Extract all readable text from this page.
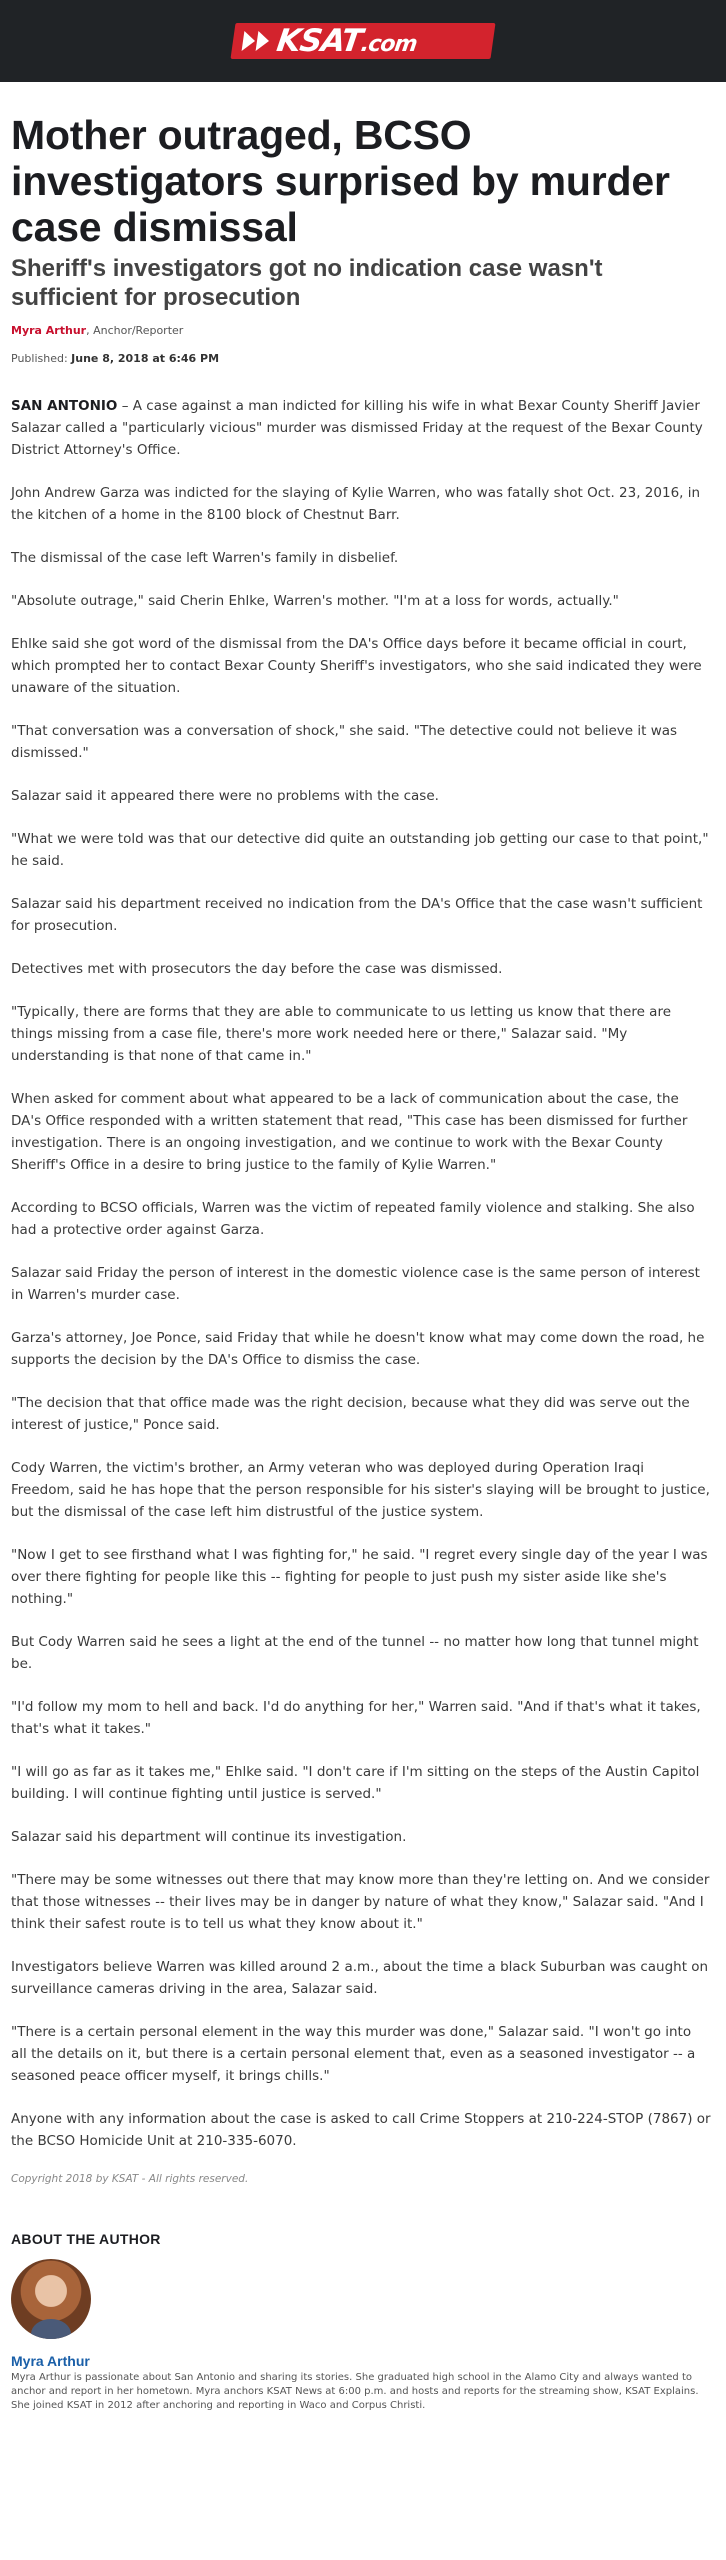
KSAT.com
Mother outraged, BCSO investigators surprised by murder case dismissal
Sheriff's investigators got no indication case wasn't sufficient for prosecution
Myra Arthur, Anchor/Reporter
Published: June 8, 2018 at 6:46 PM

SAN ANTONIO – A case against a man indicted for killing his wife in what Bexar County Sheriff Javier Salazar called a "particularly vicious" murder was dismissed Friday at the request of the Bexar County District Attorney's Office.

John Andrew Garza was indicted for the slaying of Kylie Warren, who was fatally shot Oct. 23, 2016, in the kitchen of a home in the 8100 block of Chestnut Barr.

The dismissal of the case left Warren's family in disbelief.

"Absolute outrage," said Cherin Ehlke, Warren's mother. "I'm at a loss for words, actually."

Ehlke said she got word of the dismissal from the DA's Office days before it became official in court, which prompted her to contact Bexar County Sheriff's investigators, who she said indicated they were unaware of the situation.

"That conversation was a conversation of shock," she said. "The detective could not believe it was dismissed."

Salazar said it appeared there were no problems with the case.

"What we were told was that our detective did quite an outstanding job getting our case to that point," he said.

Salazar said his department received no indication from the DA's Office that the case wasn't sufficient for prosecution.

Detectives met with prosecutors the day before the case was dismissed.

"Typically, there are forms that they are able to communicate to us letting us know that there are things missing from a case file, there's more work needed here or there," Salazar said. "My understanding is that none of that came in."

When asked for comment about what appeared to be a lack of communication about the case, the DA's Office responded with a written statement that read, "This case has been dismissed for further investigation. There is an ongoing investigation, and we continue to work with the Bexar County Sheriff's Office in a desire to bring justice to the family of Kylie Warren."

According to BCSO officials, Warren was the victim of repeated family violence and stalking. She also had a protective order against Garza.

Salazar said Friday the person of interest in the domestic violence case is the same person of interest in Warren's murder case.

Garza's attorney, Joe Ponce, said Friday that while he doesn't know what may come down the road, he supports the decision by the DA's Office to dismiss the case.

"The decision that that office made was the right decision, because what they did was serve out the interest of justice," Ponce said.

Cody Warren, the victim's brother, an Army veteran who was deployed during Operation Iraqi Freedom, said he has hope that the person responsible for his sister's slaying will be brought to justice, but the dismissal of the case left him distrustful of the justice system.

"Now I get to see firsthand what I was fighting for," he said. "I regret every single day of the year I was over there fighting for people like this -- fighting for people to just push my sister aside like she's nothing."

But Cody Warren said he sees a light at the end of the tunnel -- no matter how long that tunnel might be.

"I'd follow my mom to hell and back. I'd do anything for her," Warren said. "And if that's what it takes, that's what it takes."

"I will go as far as it takes me," Ehlke said. "I don't care if I'm sitting on the steps of the Austin Capitol building. I will continue fighting until justice is served."

Salazar said his department will continue its investigation.

"There may be some witnesses out there that may know more than they're letting on. And we consider that those witnesses -- their lives may be in danger by nature of what they know," Salazar said. "And I think their safest route is to tell us what they know about it."

Investigators believe Warren was killed around 2 a.m., about the time a black Suburban was caught on surveillance cameras driving in the area, Salazar said.

"There is a certain personal element in the way this murder was done," Salazar said. "I won't go into all the details on it, but there is a certain personal element that, even as a seasoned investigator -- a seasoned peace officer myself, it brings chills."

Anyone with any information about the case is asked to call Crime Stoppers at 210-224-STOP (7867) or the BCSO Homicide Unit at 210-335-6070.

Copyright 2018 by KSAT - All rights reserved.
ABOUT THE AUTHOR
Myra Arthur

Myra Arthur is passionate about San Antonio and sharing its stories. She graduated high school in the Alamo City and always wanted to anchor and report in her hometown. Myra anchors KSAT News at 6:00 p.m. and hosts and reports for the streaming show, KSAT Explains. She joined KSAT in 2012 after anchoring and reporting in Waco and Corpus Christi.
